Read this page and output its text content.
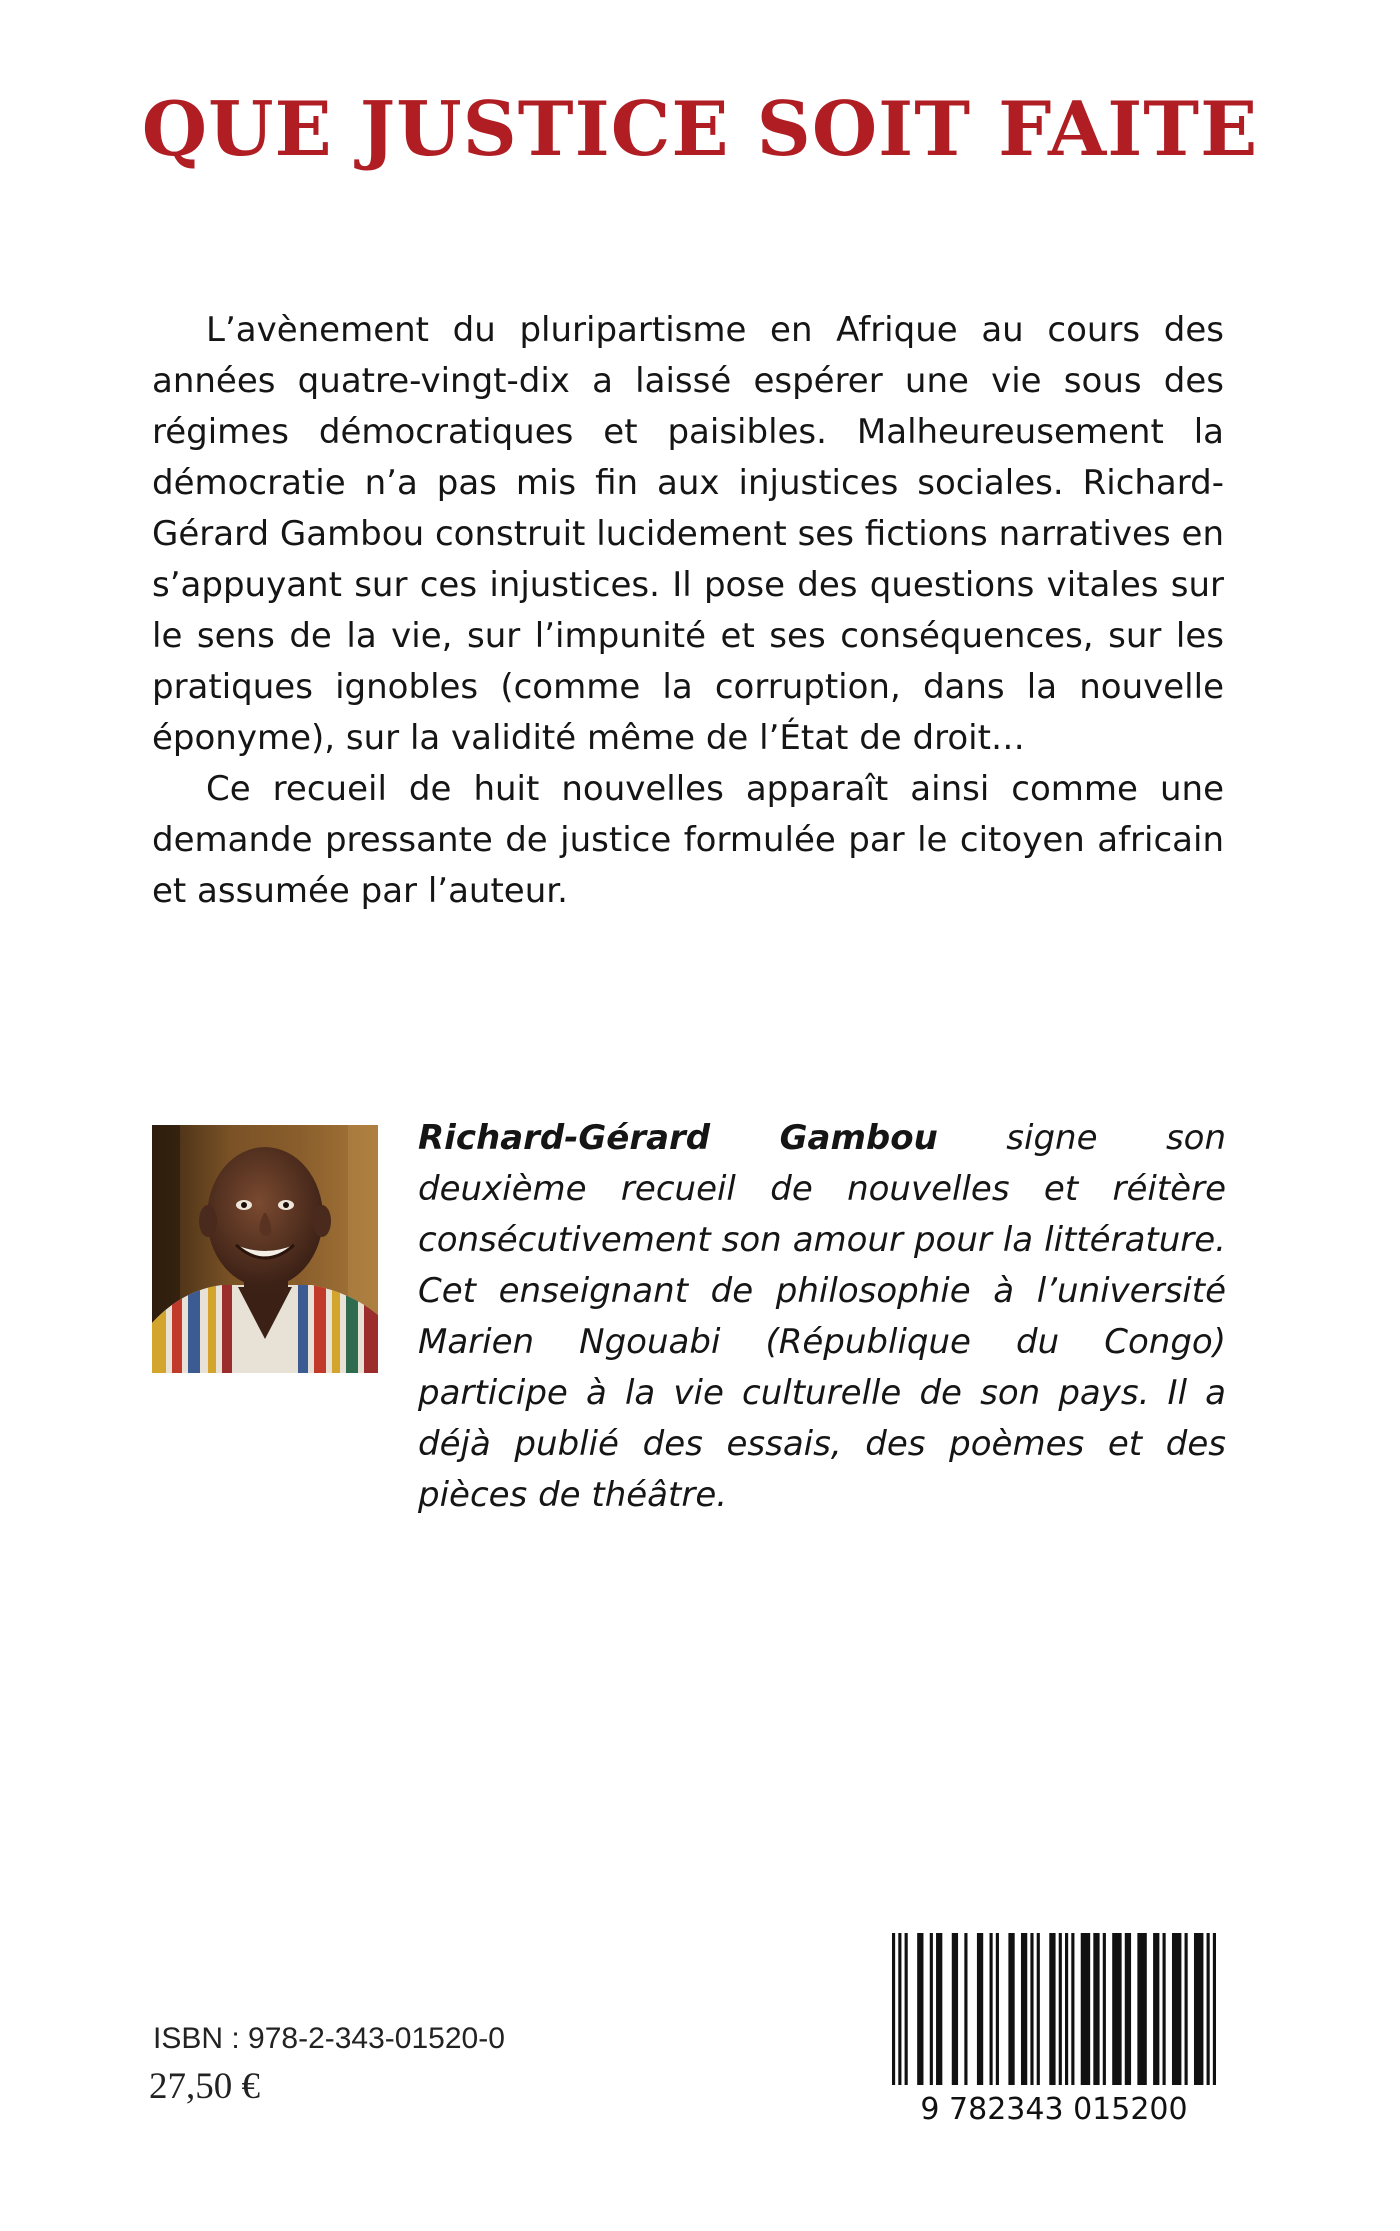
QUE JUSTICE SOIT FAITE

L’avènement du pluripartisme en Afrique au cours des années quatre-vingt-dix a laissé espérer une vie sous des régimes démocratiques et paisibles. Malheureusement la démocratie n’a pas mis fin aux injustices sociales. Richard-Gérard Gambou construit lucidement ses fictions narratives en s’appuyant sur ces injustices. Il pose des questions vitales sur le sens de la vie, sur l’impunité et ses conséquences, sur les pratiques ignobles (comme la corruption, dans la nouvelle éponyme), sur la validité même de l’État de droit…

Ce recueil de huit nouvelles apparaît ainsi comme une demande pressante de justice formulée par le citoyen africain et assumée par l’auteur.

Richard-Gérard Gambou signe son deuxième recueil de nouvelles et réitère consécutivement son amour pour la littérature. Cet enseignant de philosophie à l’université Marien Ngouabi (République du Congo) participe à la vie culturelle de son pays. Il a déjà publié des essais, des poèmes et des pièces de théâtre.

ISBN : 978-2-343-01520-0
27,50 €
9 782343 015200
